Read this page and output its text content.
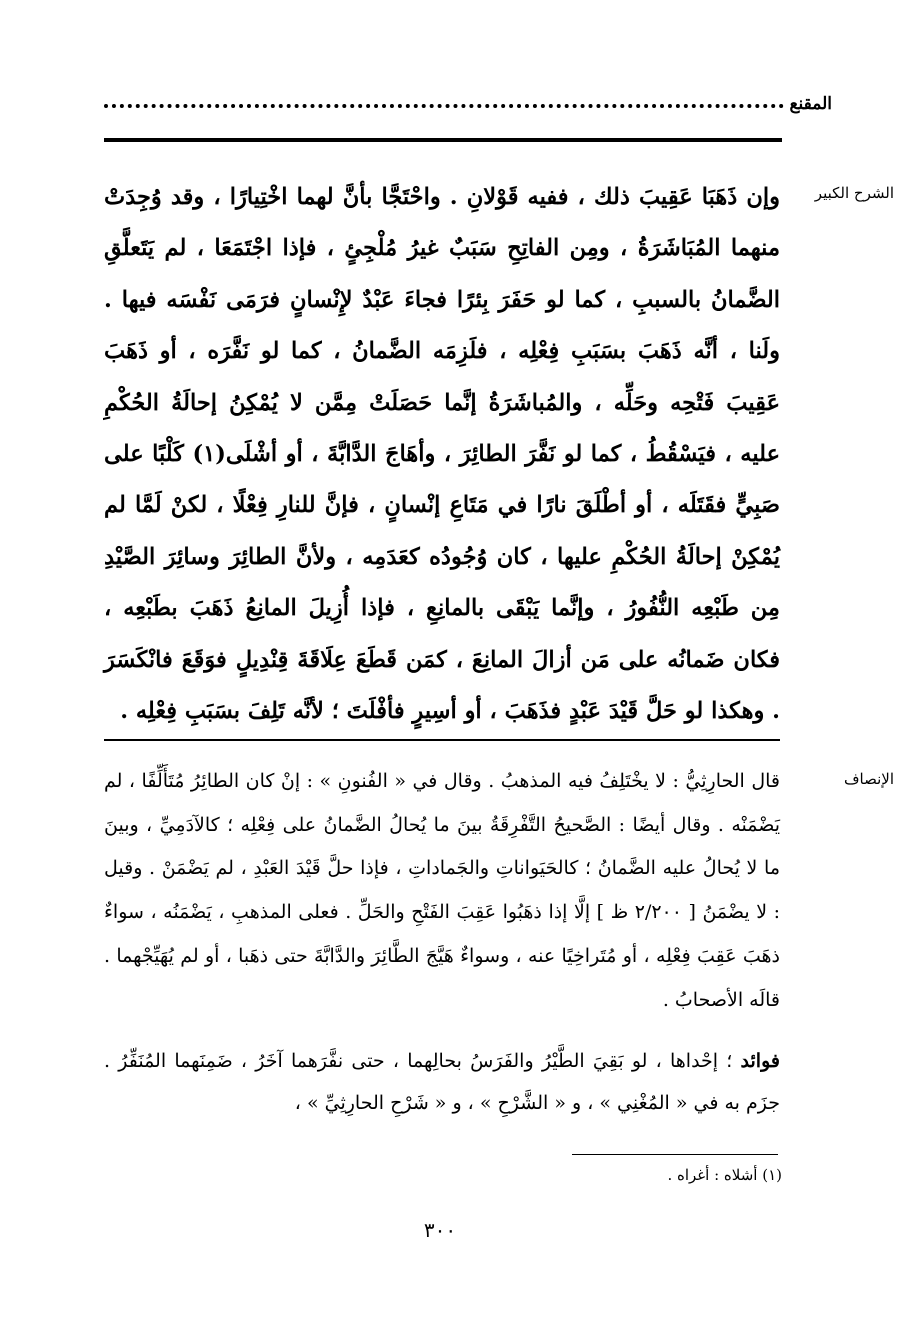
المقنع
الشرح الكبير

وإن ذَهَبَا عَقِيبَ ذلك ، ففيه قَوْلانِ . واحْتَجَّا بأنَّ لهما اخْتِيارًا ، وقد وُجِدَتْ منهما المُبَاشَرَةُ ، ومِن الفاتِحِ سَبَبٌ غيرُ مُلْجِئٍ ، فإذا اجْتَمَعَا ، لم يَتَعلَّقِ الضَّمانُ بالسببِ ، كما لو حَفَرَ بِئرًا فجاءَ عَبْدٌ لإِنْسانٍ فرَمَى نَفْسَه فيها . ولَنا ، أنَّه ذَهَبَ بسَبَبِ فِعْلِه ، فلَزِمَه الضَّمانُ ، كما لو نَفَّرَه ، أو ذَهَبَ عَقِيبَ فَتْحِه وحَلِّه ، والمُباشَرَةُ إنَّما حَصَلَتْ مِمَّن لا يُمْكِنُ إحالَةُ الحُكْمِ عليه ، فيَسْقُطُ ، كما لو نَفَّرَ الطائِرَ ، وأهَاجَ الدَّابَّةَ ، أو أشْلَى(١) كَلْبًا على صَبِيٍّ فقَتَلَه ، أو أطْلَقَ نارًا في مَتَاعِ إنْسانٍ ، فإنَّ للنارِ فِعْلًا ، لكنْ لَمَّا لم يُمْكِنْ إحالَةُ الحُكْمِ عليها ، كان وُجُودُه كعَدَمِه ، ولأنَّ الطائِرَ وسائِرَ الصَّيْدِ مِن طَبْعِه النُّفُورُ ، وإنَّما يَبْقَى بالمانِعِ ، فإذا أُزِيلَ المانِعُ ذَهَبَ بطَبْعِه ، فكان ضَمانُه على مَن أزالَ المانِعَ ، كمَن قَطَعَ عِلَاقَةَ قِنْدِيلٍ فوَقَعَ فانْكَسَرَ . وهكذا لو حَلَّ قَيْدَ عَبْدٍ فذَهَبَ ، أو أسِيرٍ فأفْلَتَ ؛ لأنَّه تَلِفَ بسَبَبِ فِعْلِه .

الإنصاف

قال الحارِثِيُّ : لا يخْتَلِفُ فيه المذهبُ . وقال في « الفُنونِ » : إنْ كان الطائِرُ مُتَأَلِّفًا ، لم يَضْمَنْه . وقال أيضًا : الصَّحيحُ التَّفْرِقَةُ بينَ ما يُحالُ الضَّمانُ على فِعْلِه ؛ كالآدَمِيِّ ، وبينَ ما لا يُحالُ عليه الضَّمانُ ؛ كالحَيَواناتِ والجَماداتِ ، فإذا حلَّ قَيْدَ العَبْدِ ، لم يَضْمَنْ . وقيل : لا يضْمَنُ [ ٢/٢٠٠ ظ ] إلَّا إذا ذهَبُوا عَقِبَ الفَتْحِ والحَلِّ . فعلى المذهبِ ، يَضْمَنُه ، سواءٌ ذهَبَ عَقِبَ فِعْلِه ، أو مُتَراخِيًا عنه ، وسواءٌ هَيَّجَ الطَّائِرَ والدَّابَّةَ حتى ذهَبا ، أو لم يُهَيِّجْهما . قالَه الأصحابُ .

فوائد ؛ إحْداها ، لو بَقِيَ الطَّيْرُ والفَرَسُ بحالِهما ، حتى نفَّرَهما آخَرُ ، ضَمِنَهما المُنَفِّرُ . جزَم به في « المُغْنِي » ، و « الشَّرْحِ » ، و « شَرْحِ الحارِثِيِّ » ،

(١) أشلاه : أغراه .
٣٠٠
